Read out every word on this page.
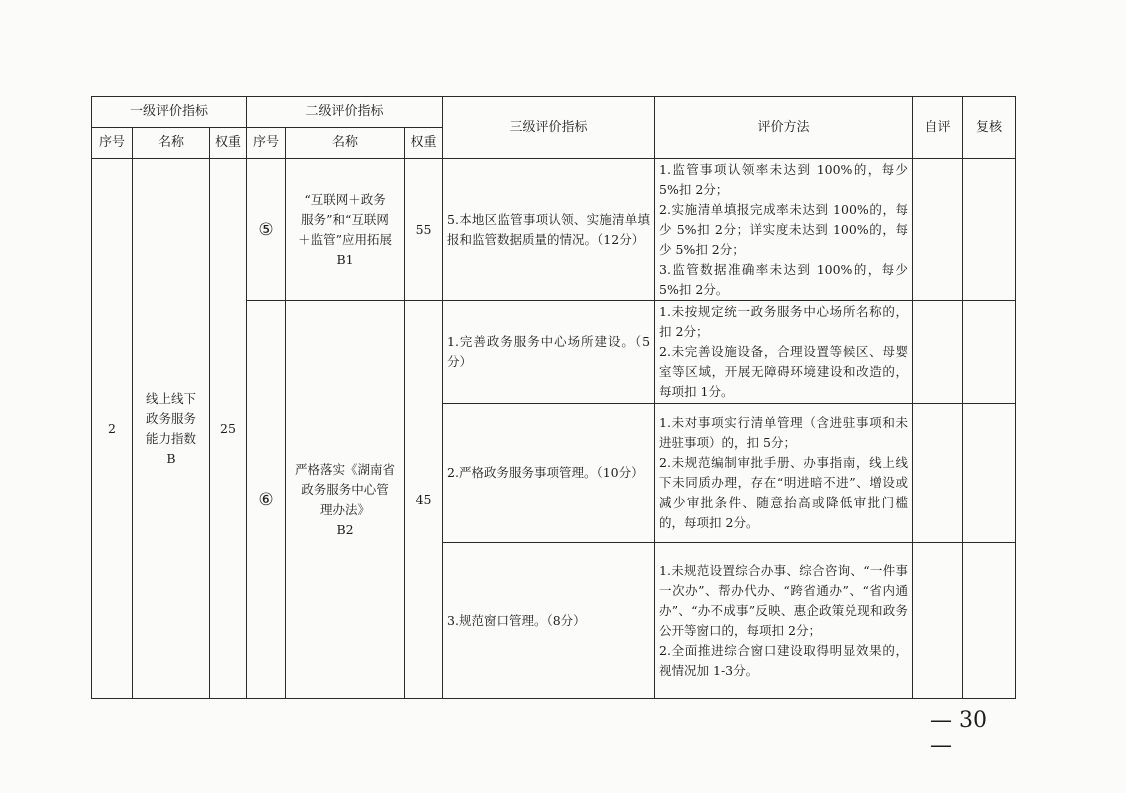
一级评价指标			二级评价指标			三级评价指标	评价方法	自评	复核
序号	名称	权重	序号	名称	权重				
2	线上线下
政务服务
能力指数
B	25	⑤	“互联网＋政务
服务”和“互联网
＋监管”应用拓展
B1	55	5.本地区监管事项认领、实施清单填报和监管数据质量的情况。（12分）	1.监管事项认领率未达到 100%的，每少 5%扣 2分；
2.实施清单填报完成率未达到 100%的，每少 5%扣 2分；详实度未达到 100%的，每少 5%扣 2分；
3.监管数据准确率未达到 100%的，每少 5%扣 2分。		
			⑥	严格落实《湖南省
政务服务中心管
理办法》
B2	45	1.完善政务服务中心场所建设。（5分）	1.未按规定统一政务服务中心场所名称的，扣 2分；
2.未完善设施设备，合理设置等候区、母婴室等区域，开展无障碍环境建设和改造的，每项扣 1分。		
						2.严格政务服务事项管理。（10分）	1.未对事项实行清单管理（含进驻事项和未进驻事项）的，扣 5分；
2.未规范编制审批手册、办事指南，线上线下未同质办理，存在“明进暗不进”、增设或减少审批条件、随意抬高或降低审批门槛的，每项扣 2分。		
						3.规范窗口管理。（8分）	1.未规范设置综合办事、综合咨询、“一件事一次办”、帮办代办、“跨省通办”、“省内通办”、“办不成事”反映、惠企政策兑现和政务公开等窗口的，每项扣 2分；
2.全面推进综合窗口建设取得明显效果的，视情况加 1-3分。		
— 30 —
